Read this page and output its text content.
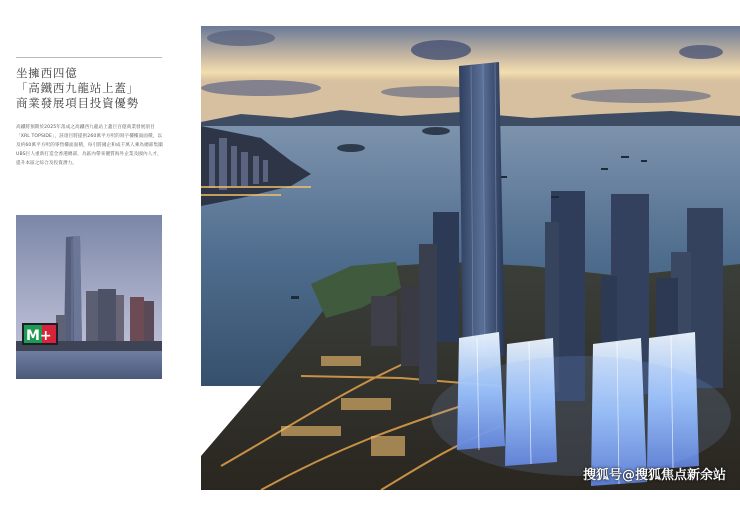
坐擁西四億
「高鐵西九龍站上蓋」
商業發展項目投資優勢
高鐵將預期於2025年落成之高鐵西九龍站上蓋巨百億商業發展項目「XRL TOPSIDE」，該項目將提供260萬平方呎的寫字樓樓面面積，以及約60萬平方呎的零售樓面面積，每引將國企和成千萬人乘為總部集團UBS巨人重新打造全香港總部，為區內帶來優質海外企業及國內人才，提升本區之綜合及投資潛力。
M+
搜狐号@搜狐焦点新余站
